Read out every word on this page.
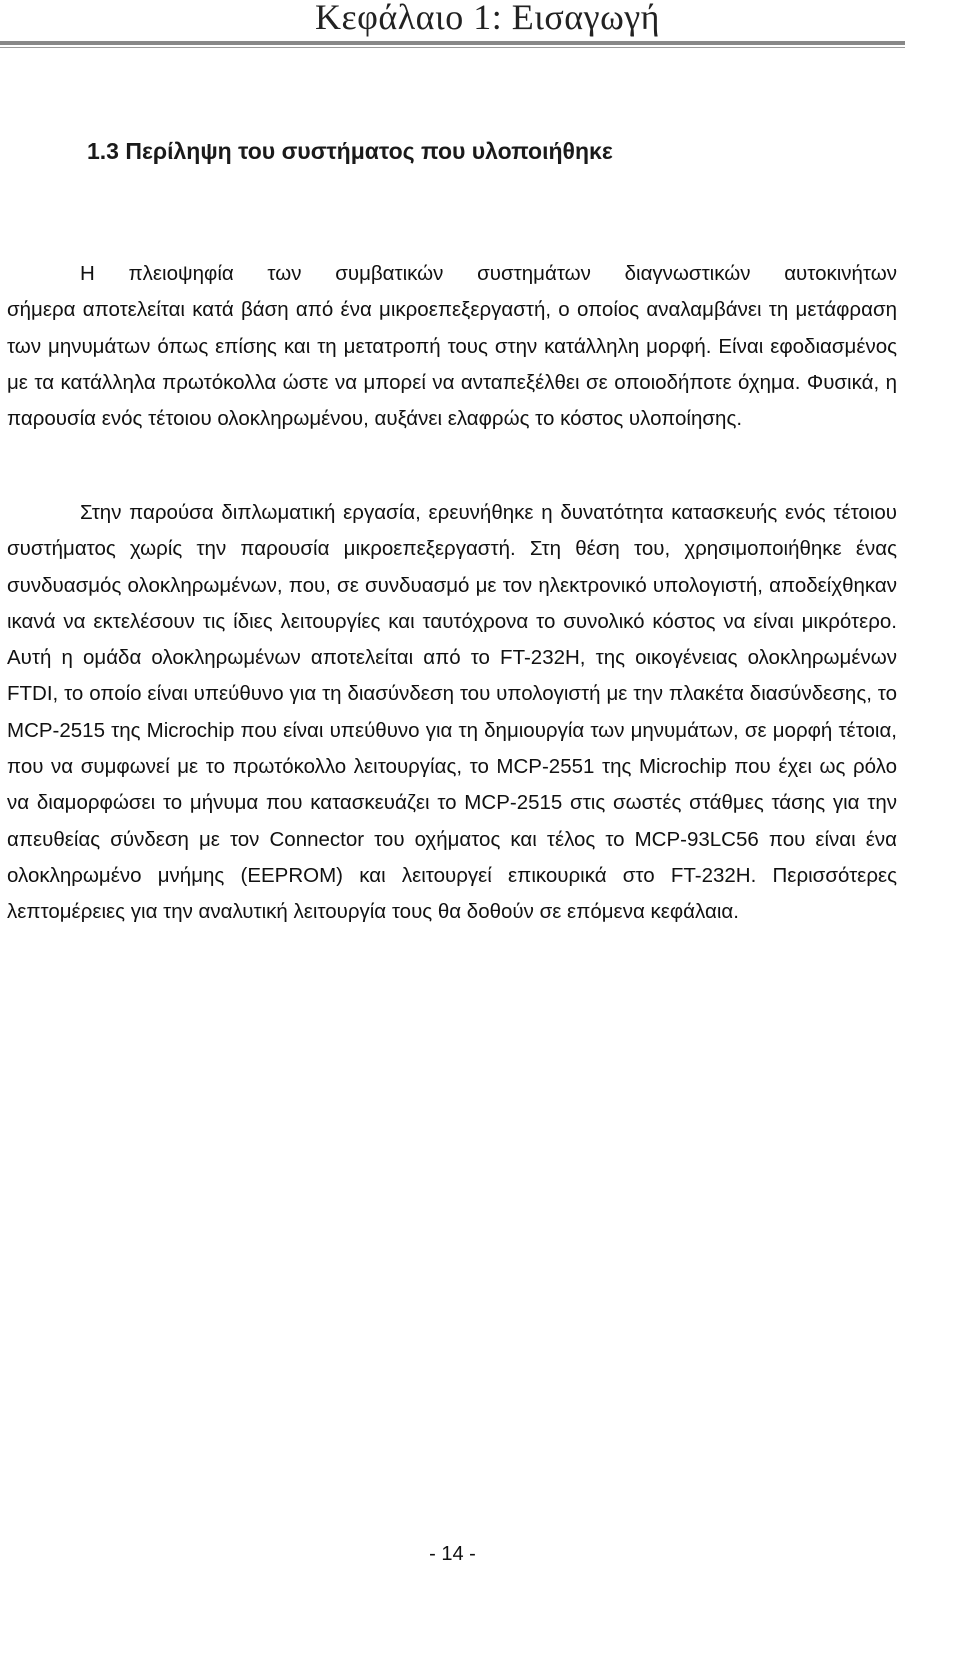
Κεφάλαιο 1: Εισαγωγή
1.3 Περίληψη του συστήματος που υλοποιήθηκε

Η πλειοψηφία των συμβατικών συστημάτων διαγνωστικών αυτοκινήτων
σήμερα αποτελείται κατά βάση από ένα μικροεπεξεργαστή, ο οποίος αναλαμβάνει τη μετάφραση των μηνυμάτων όπως επίσης και τη μετατροπή τους στην κατάλληλη μορφή. Είναι εφοδιασμένος με τα κατάλληλα πρωτόκολλα ώστε να μπορεί να ανταπεξέλθει σε οποιοδήποτε όχημα. Φυσικά, η παρουσία ενός τέτοιου ολοκληρωμένου, αυξάνει ελαφρώς το κόστος υλοποίησης.

Στην παρούσα διπλωματική εργασία, ερευνήθηκε η δυνατότητα κατασκευής ενός τέτοιου συστήματος χωρίς την παρουσία μικροεπεξεργαστή. Στη θέση του, χρησιμοποιήθηκε ένας συνδυασμός ολοκληρωμένων, που, σε συνδυασμό με τον ηλεκτρονικό υπολογιστή, αποδείχθηκαν ικανά να εκτελέσουν τις ίδιες λειτουργίες και ταυτόχρονα το συνολικό κόστος να είναι μικρότερο. Αυτή η ομάδα ολοκληρωμένων αποτελείται από το FT-232H, της οικογένειας ολοκληρωμένων FTDI, το οποίο είναι υπεύθυνο για τη διασύνδεση του υπολογιστή με την πλακέτα διασύνδεσης, το MCP-2515 της Microchip που είναι υπεύθυνο για τη δημιουργία των μηνυμάτων, σε μορφή τέτοια, που να συμφωνεί με το πρωτόκολλο λειτουργίας, το MCP-2551 της Microchip που έχει ως ρόλο να διαμορφώσει το μήνυμα που κατασκευάζει το MCP-2515 στις σωστές στάθμες τάσης για την απευθείας σύνδεση με τον Connector του οχήματος και τέλος το MCP-93LC56 που είναι ένα ολοκληρωμένο μνήμης (EEPROM) και λειτουργεί επικουρικά στο FT-232H. Περισσότερες λεπτομέρειες για την αναλυτική λειτουργία τους θα δοθούν σε επόμενα κεφάλαια.

- 14 -
